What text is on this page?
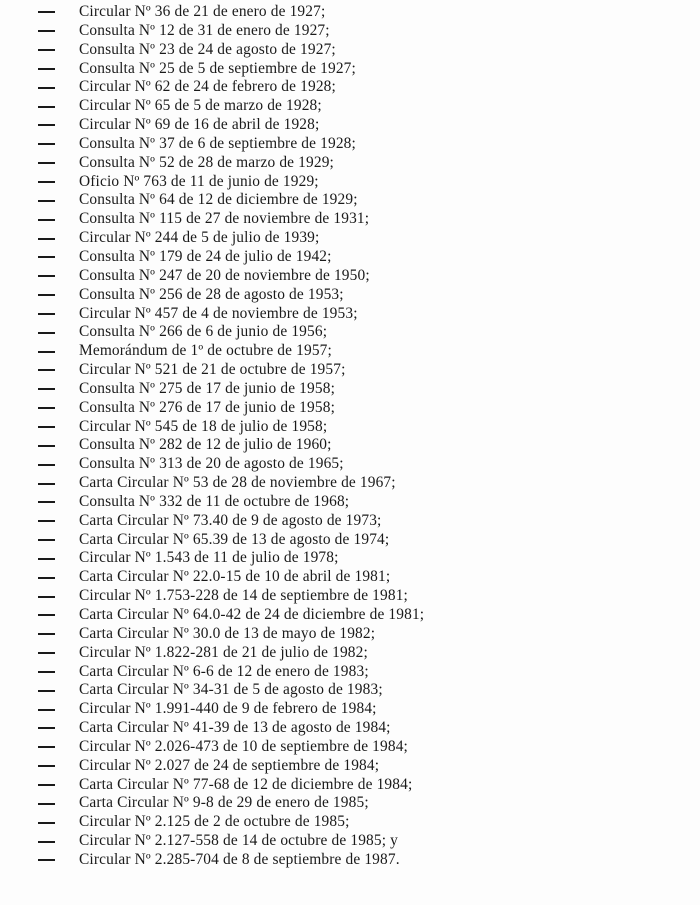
Circular Nº 36 de 21 de enero de 1927;
Consulta Nº 12 de 31 de enero de 1927;
Consulta Nº 23 de 24 de agosto de 1927;
Consulta Nº 25 de 5 de septiembre de 1927;
Circular Nº 62 de 24 de febrero de 1928;
Circular Nº 65 de 5 de marzo de 1928;
Circular Nº 69 de 16 de abril de 1928;
Consulta Nº 37 de 6 de septiembre de 1928;
Consulta Nº 52 de 28 de marzo de 1929;
Oficio Nº 763 de 11 de junio de 1929;
Consulta Nº 64 de 12 de diciembre de 1929;
Consulta Nº 115 de 27 de noviembre de 1931;
Circular Nº 244 de 5 de julio de 1939;
Consulta Nº 179 de 24 de julio de 1942;
Consulta Nº 247 de 20 de noviembre de 1950;
Consulta Nº 256 de 28 de agosto de 1953;
Circular Nº 457 de 4 de noviembre de 1953;
Consulta Nº 266 de 6 de junio de 1956;
Memorándum de 1º de octubre de 1957;
Circular Nº 521 de 21 de octubre de 1957;
Consulta Nº 275 de 17 de junio de 1958;
Consulta Nº 276 de 17 de junio de 1958;
Circular Nº 545 de 18 de julio de 1958;
Consulta Nº 282 de 12 de julio de 1960;
Consulta Nº 313 de 20 de agosto de 1965;
Carta Circular Nº 53 de 28 de noviembre de 1967;
Consulta Nº 332 de 11 de octubre de 1968;
Carta Circular Nº 73.40 de 9 de agosto de 1973;
Carta Circular Nº 65.39 de 13 de agosto de 1974;
Circular Nº 1.543 de 11 de julio de 1978;
Carta Circular Nº 22.0-15 de 10 de abril de 1981;
Circular Nº 1.753-228 de 14 de septiembre de 1981;
Carta Circular Nº 64.0-42 de 24 de diciembre de 1981;
Carta Circular Nº 30.0 de 13 de mayo de 1982;
Circular Nº 1.822-281 de 21 de julio de 1982;
Carta Circular Nº 6-6 de 12 de enero de 1983;
Carta Circular Nº 34-31 de 5 de agosto de 1983;
Circular Nº 1.991-440 de 9 de febrero de 1984;
Carta Circular Nº 41-39 de 13 de agosto de 1984;
Circular Nº 2.026-473 de 10 de septiembre de 1984;
Circular Nº 2.027 de 24 de septiembre de 1984;
Carta Circular Nº 77-68 de 12 de diciembre de 1984;
Carta Circular Nº 9-8 de 29 de enero de 1985;
Circular Nº 2.125 de 2 de octubre de 1985;
Circular Nº 2.127-558 de 14 de octubre de 1985; y
Circular Nº 2.285-704 de 8 de septiembre de 1987.
